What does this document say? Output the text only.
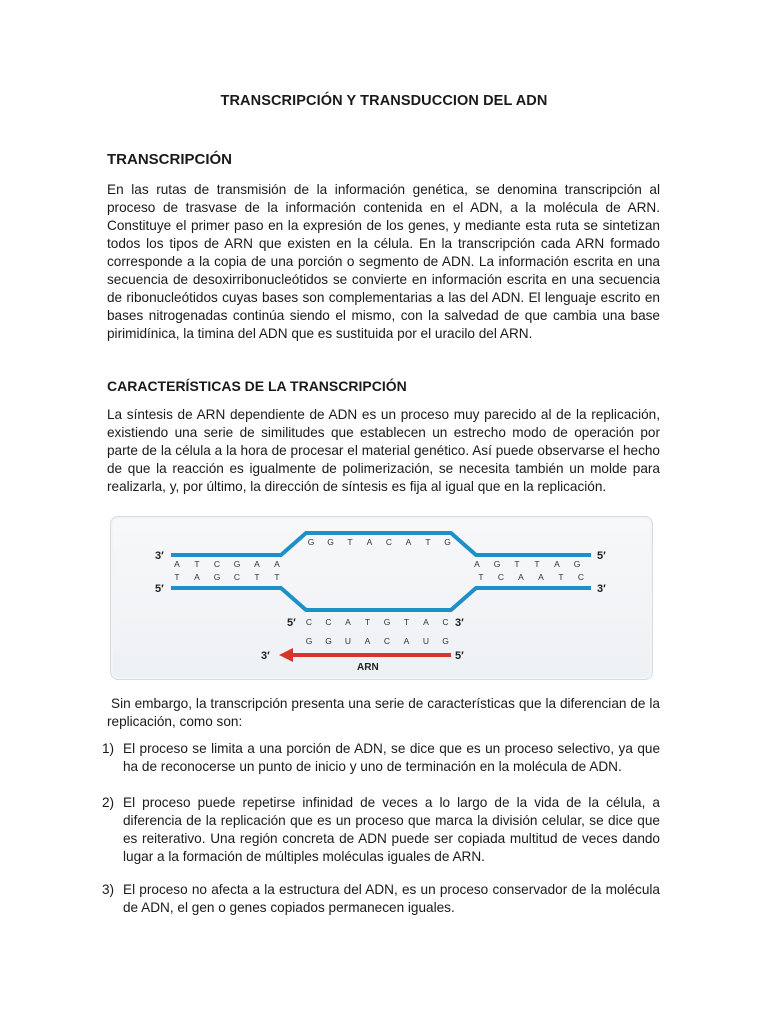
TRANSCRIPCIÓN Y TRANSDUCCION DEL ADN
TRANSCRIPCIÓN

En las rutas de transmisión de la información genética, se denomina transcripción al proceso de trasvase de la información contenida en el ADN, a la molécula de ARN. Constituye el primer paso en la expresión de los genes, y mediante esta ruta se sintetizan todos los tipos de ARN que existen en la célula. En la transcripción cada ARN formado corresponde a la copia de una porción o segmento de ADN. La información escrita en una secuencia de desoxirribonucleótidos se convierte en información escrita en una secuencia de ribonucleótidos cuyas bases son complementarias a las del ADN. El lenguaje escrito en bases nitrogenadas continúa siendo el mismo, con la salvedad de que cambia una base pirimidínica, la timina del ADN que es sustituida por el uracilo del ARN.

CARACTERÍSTICAS DE LA TRANSCRIPCIÓN

La síntesis de ARN dependiente de ADN es un proceso muy parecido al de la replicación, existiendo una serie de similitudes que establecen un estrecho modo de operación por parte de la célula a la hora de procesar el material genético. Así puede observarse el hecho de que la reacción es igualmente de polimerización, se necesita también un molde para realizarla, y, por último, la dirección de síntesis es fija al igual que en la replicación.

3′	5′
5′	3′
5′	3′
3′	5′
ARN
A T C G A A	A G T T A G
G G T A C A T G
T A G C T T	T C A A T C
C C A T G T A C
G G U A C A U G

Sin embargo, la transcripción presenta una serie de características que la diferencian de la replicación, como son:

1) El proceso se limita a una porción de ADN, se dice que es un proceso selectivo, ya que ha de reconocerse un punto de inicio y uno de terminación en la molécula de ADN.
2) El proceso puede repetirse infinidad de veces a lo largo de la vida de la célula, a diferencia de la replicación que es un proceso que marca la división celular, se dice que es reiterativo. Una región concreta de ADN puede ser copiada multitud de veces dando lugar a la formación de múltiples moléculas iguales de ARN.
3) El proceso no afecta a la estructura del ADN, es un proceso conservador de la molécula de ADN, el gen o genes copiados permanecen iguales.
